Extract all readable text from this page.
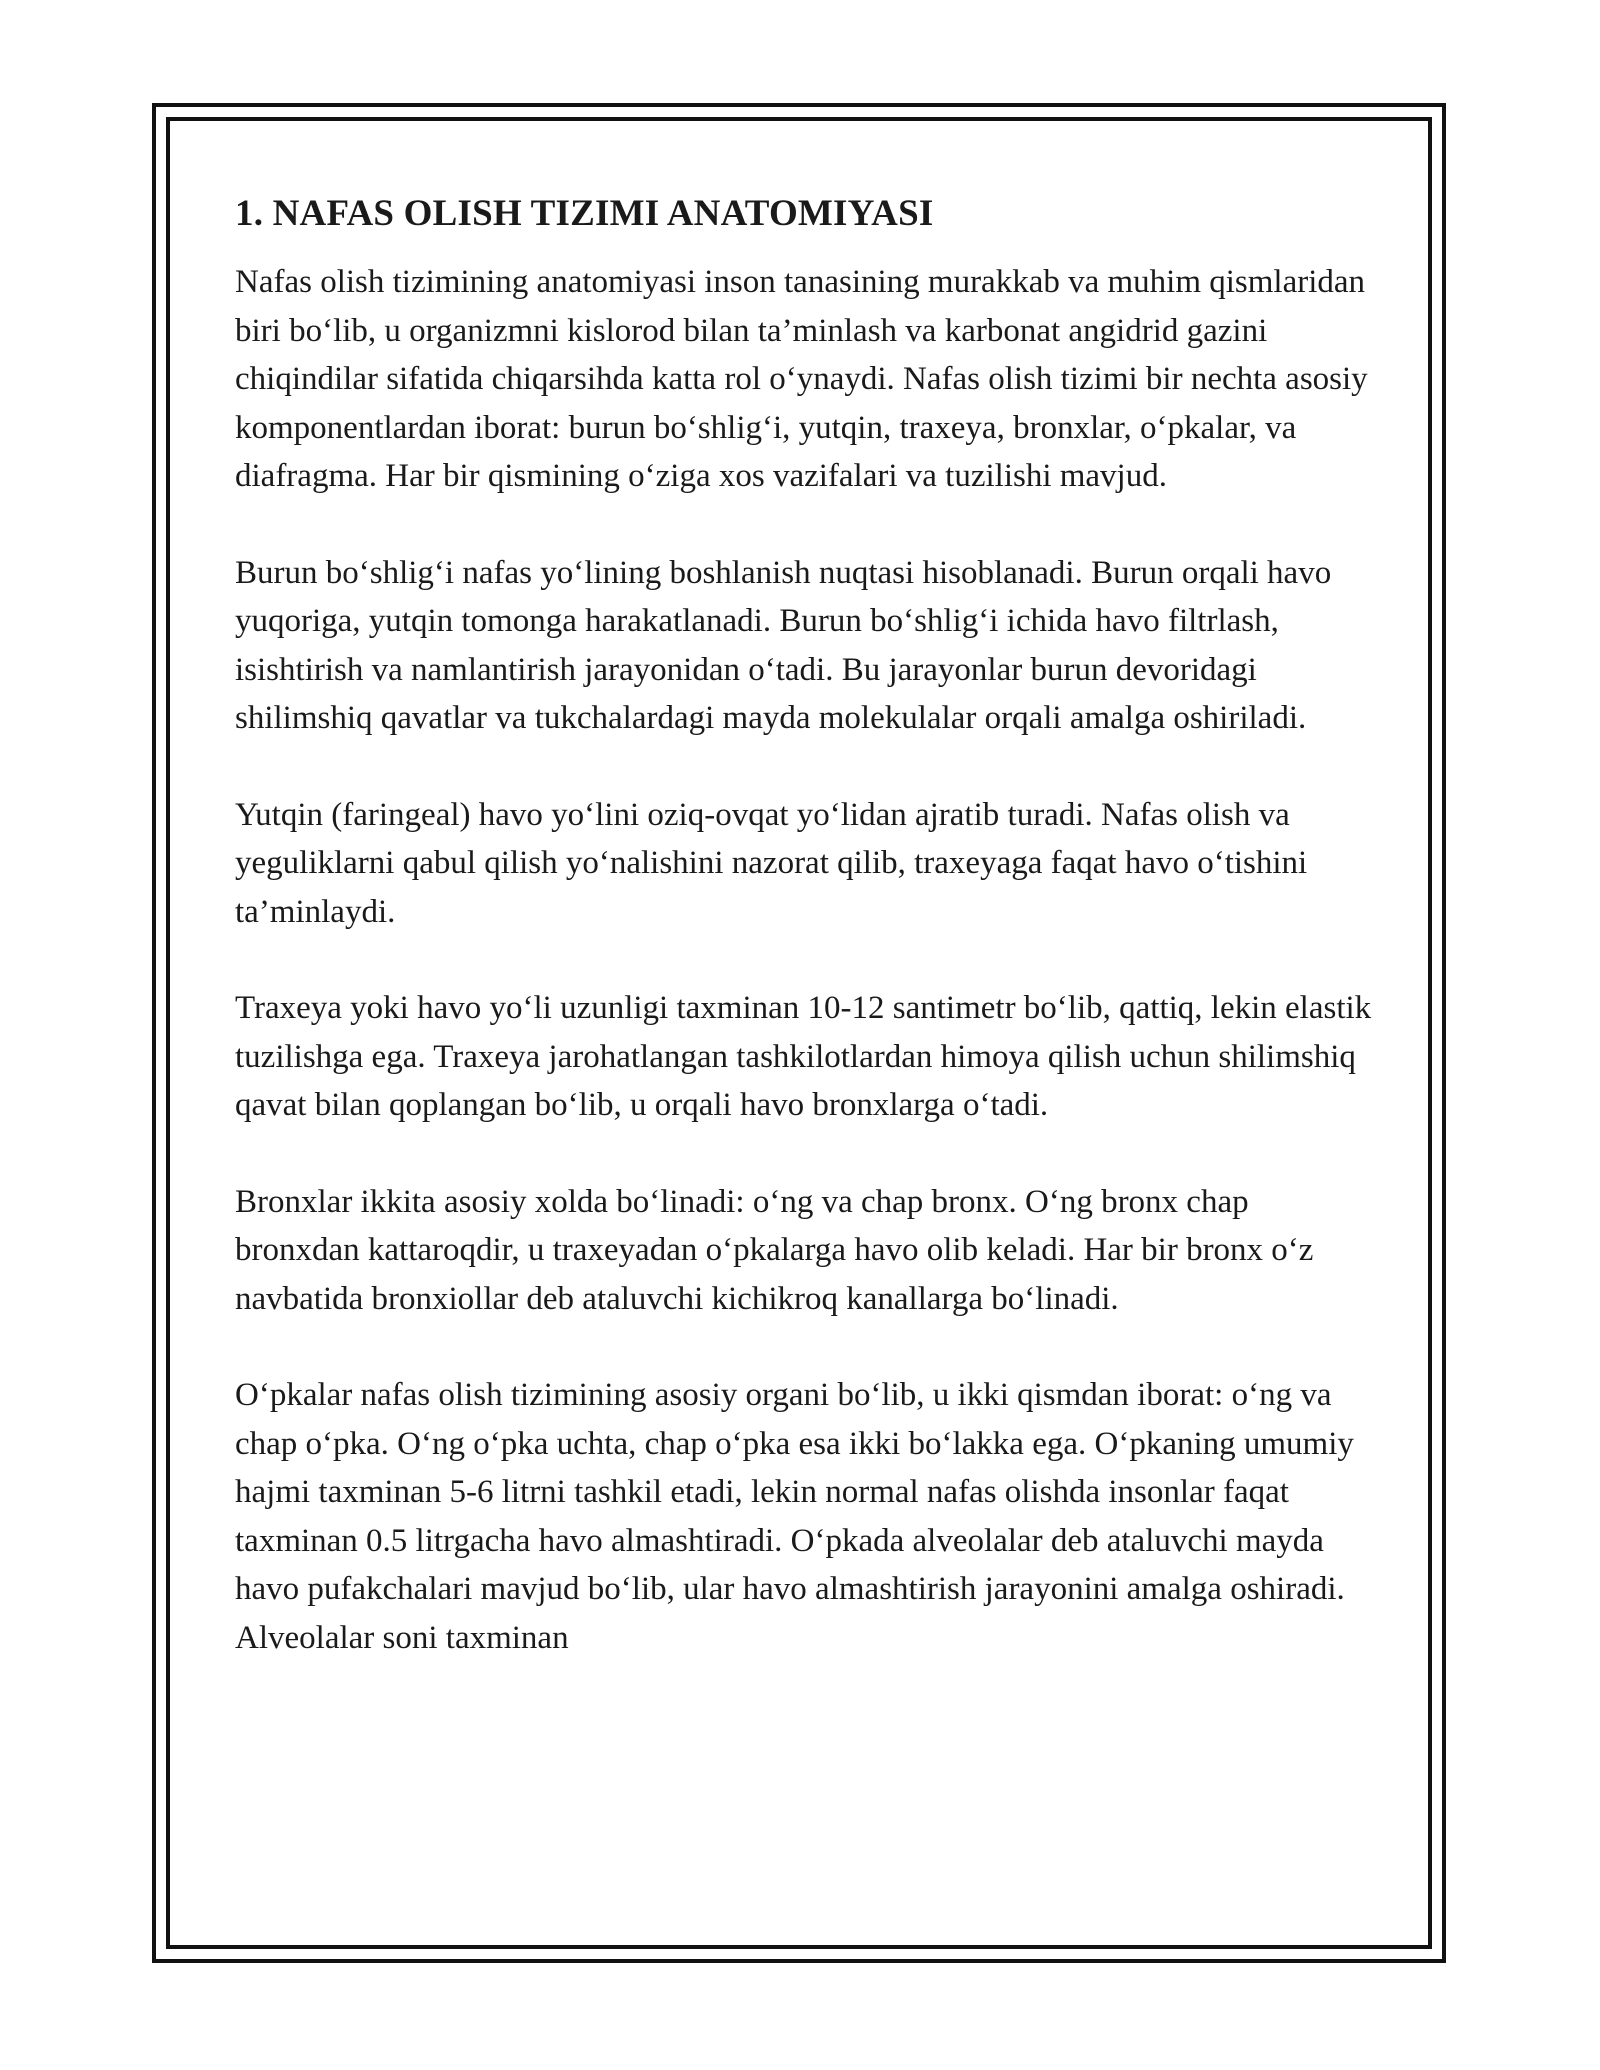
1. NAFAS OLISH TIZIMI ANATOMIYASI

Nafas olish tizimining anatomiyasi inson tanasining murakkab va muhim qismlaridan biri bo‘lib, u organizmni kislorod bilan ta’minlash va karbonat angidrid gazini chiqindilar sifatida chiqarsihda katta rol o‘ynaydi. Nafas olish tizimi bir nechta asosiy komponentlardan iborat: burun bo‘shlig‘i, yutqin, traxeya, bronxlar, o‘pkalar, va diafragma. Har bir qismining o‘ziga xos vazifalari va tuzilishi mavjud.

Burun bo‘shlig‘i nafas yo‘lining boshlanish nuqtasi hisoblanadi. Burun orqali havo yuqoriga, yutqin tomonga harakatlanadi. Burun bo‘shlig‘i ichida havo filtrlash, isishtirish va namlantirish jarayonidan o‘tadi. Bu jarayonlar burun devoridagi shilimshiq qavatlar va tukchalardagi mayda molekulalar orqali amalga oshiriladi.

Yutqin (faringeal) havo yo‘lini oziq-ovqat yo‘lidan ajratib turadi. Nafas olish va yeguliklarni qabul qilish yo‘nalishini nazorat qilib, traxeyaga faqat havo o‘tishini ta’minlaydi.

Traxeya yoki havo yo‘li uzunligi taxminan 10-12 santimetr bo‘lib, qattiq, lekin elastik tuzilishga ega. Traxeya jarohatlangan tashkilotlardan himoya qilish uchun shilimshiq qavat bilan qoplangan bo‘lib, u orqali havo bronxlarga o‘tadi.

Bronxlar ikkita asosiy xolda bo‘linadi: o‘ng va chap bronx. O‘ng bronx chap bronxdan kattaroqdir, u traxeyadan o‘pkalarga havo olib keladi. Har bir bronx o‘z navbatida bronxiollar deb ataluvchi kichikroq kanallarga bo‘linadi.

O‘pkalar nafas olish tizimining asosiy organi bo‘lib, u ikki qismdan iborat: o‘ng va chap o‘pka. O‘ng o‘pka uchta, chap o‘pka esa ikki bo‘lakka ega. O‘pkaning umumiy hajmi taxminan 5-6 litrni tashkil etadi, lekin normal nafas olishda insonlar faqat taxminan 0.5 litrgacha havo almashtiradi. O‘pkada alveolalar deb ataluvchi mayda havo pufakchalari mavjud bo‘lib, ular havo almashtirish jarayonini amalga oshiradi. Alveolalar soni taxminan
